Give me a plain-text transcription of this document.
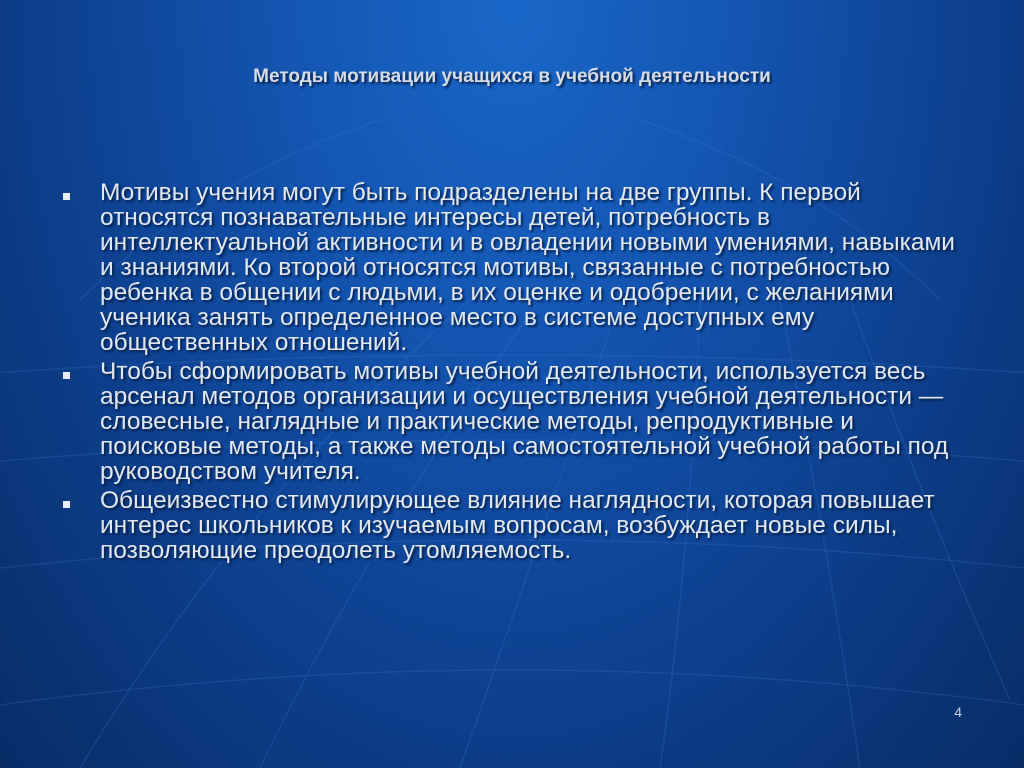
Методы мотивации учащихся в учебной деятельности
Мотивы учения могут быть подразделены на две группы. К первой относятся познавательные интересы детей, потребность в интеллектуальной активности и в овладении новыми умениями, навыками и знаниями. Ко второй относятся мотивы, связанные с потребностью ребенка в общении с людьми, в их оценке и одобрении, с желаниями ученика занять определенное место в системе доступных ему общественных отношений.
Чтобы сформировать мотивы учебной деятельности, используется весь арсенал методов организации и осуществления учебной деятельности — словесные, наглядные и практические методы, репродуктивные и поисковые методы, а также методы самостоятельной учебной работы под руководством учителя.
Общеизвестно стимулирующее влияние наглядности, которая повышает интерес школьников к изучаемым вопросам, возбуждает новые силы, позволяющие преодолеть утомляемость.
4
